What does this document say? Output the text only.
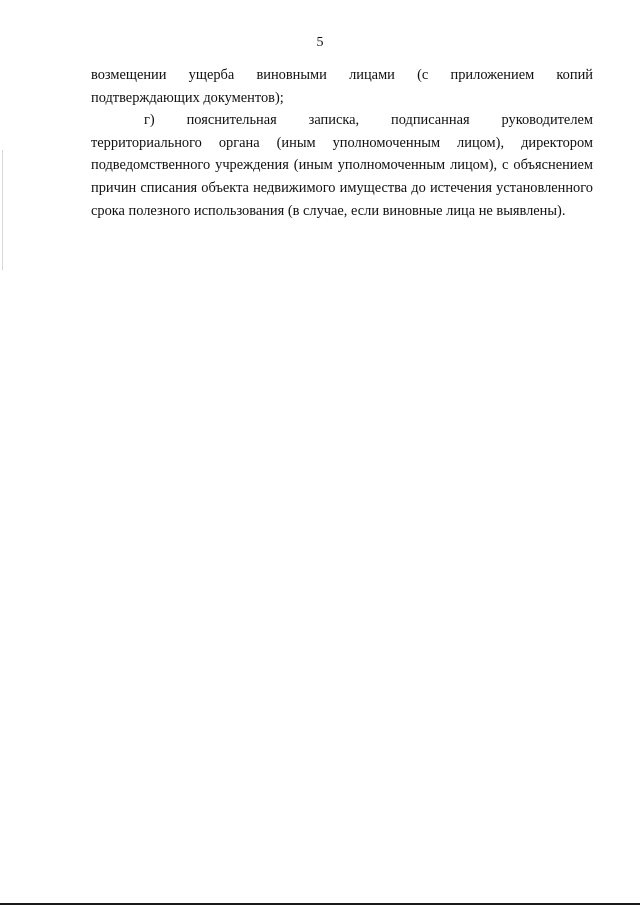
5

возмещении ущерба виновными лицами (с приложением копий подтверждающих документов);

г) пояснительная записка, подписанная руководителем территориального органа (иным уполномоченным лицом), директором подведомственного учреждения (иным уполномоченным лицом), с объяснением причин списания объекта недвижимого имущества до истечения установленного срока полезного использования (в случае, если виновные лица не выявлены).
